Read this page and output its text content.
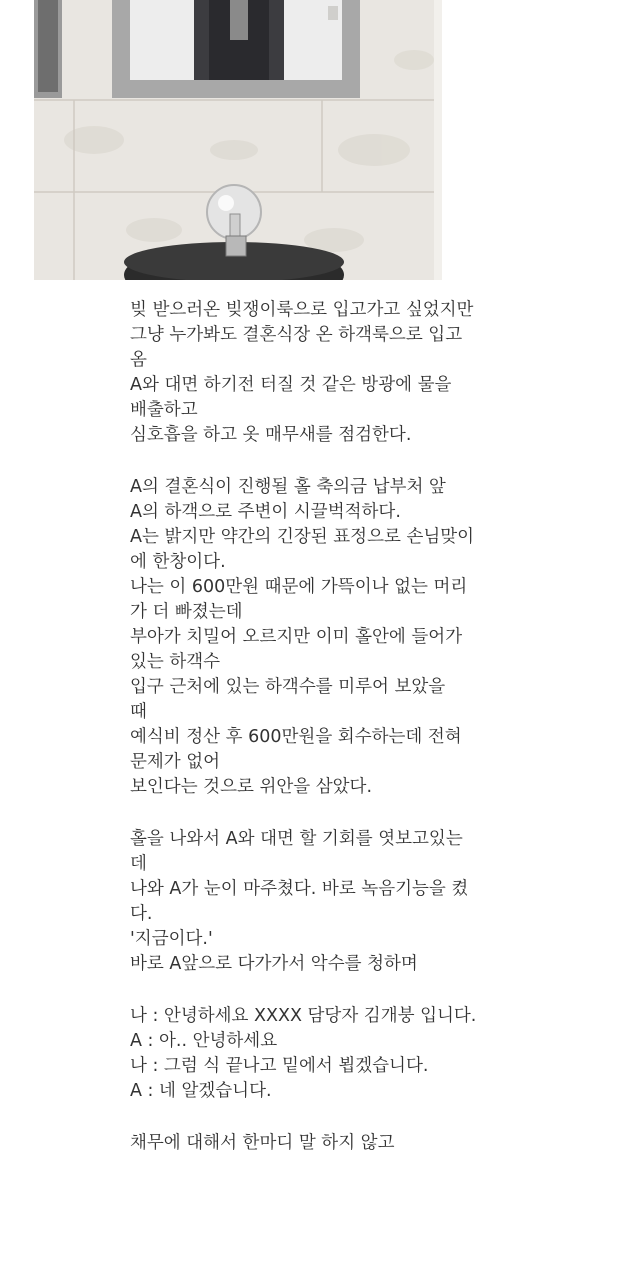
빚 받으러온 빚쟁이룩으로 입고가고 싶었지만
그냥 누가봐도 결혼식장 온 하객룩으로 입고
옴
A와 대면 하기전 터질 것 같은 방광에 물을
배출하고
심호흡을 하고 옷 매무새를 점검한다.
A의 결혼식이 진행될 홀 축의금 납부처 앞
A의 하객으로 주변이 시끌벅적하다.
A는 밝지만 약간의 긴장된 표정으로 손님맞이
에 한창이다.
나는 이 600만원 때문에 가뜩이나 없는 머리
가 더 빠졌는데
부아가 치밀어 오르지만 이미 홀안에 들어가
있는 하객수
입구 근처에 있는 하객수를 미루어 보았을
때
예식비 정산 후 600만원을 회수하는데 전혀
문제가 없어
보인다는 것으로 위안을 삼았다.
홀을 나와서 A와 대면 할 기회를 엿보고있는
데
나와 A가 눈이 마주쳤다. 바로 녹음기능을 켰
다.
'지금이다.'
바로 A앞으로 다가가서 악수를 청하며
나 : 안녕하세요 XXXX 담당자 김개붕 입니다.
A : 아.. 안녕하세요
나 : 그럼 식 끝나고 밑에서 뵙겠습니다.
A : 네 알겠습니다.
채무에 대해서 한마디 말 하지 않고
